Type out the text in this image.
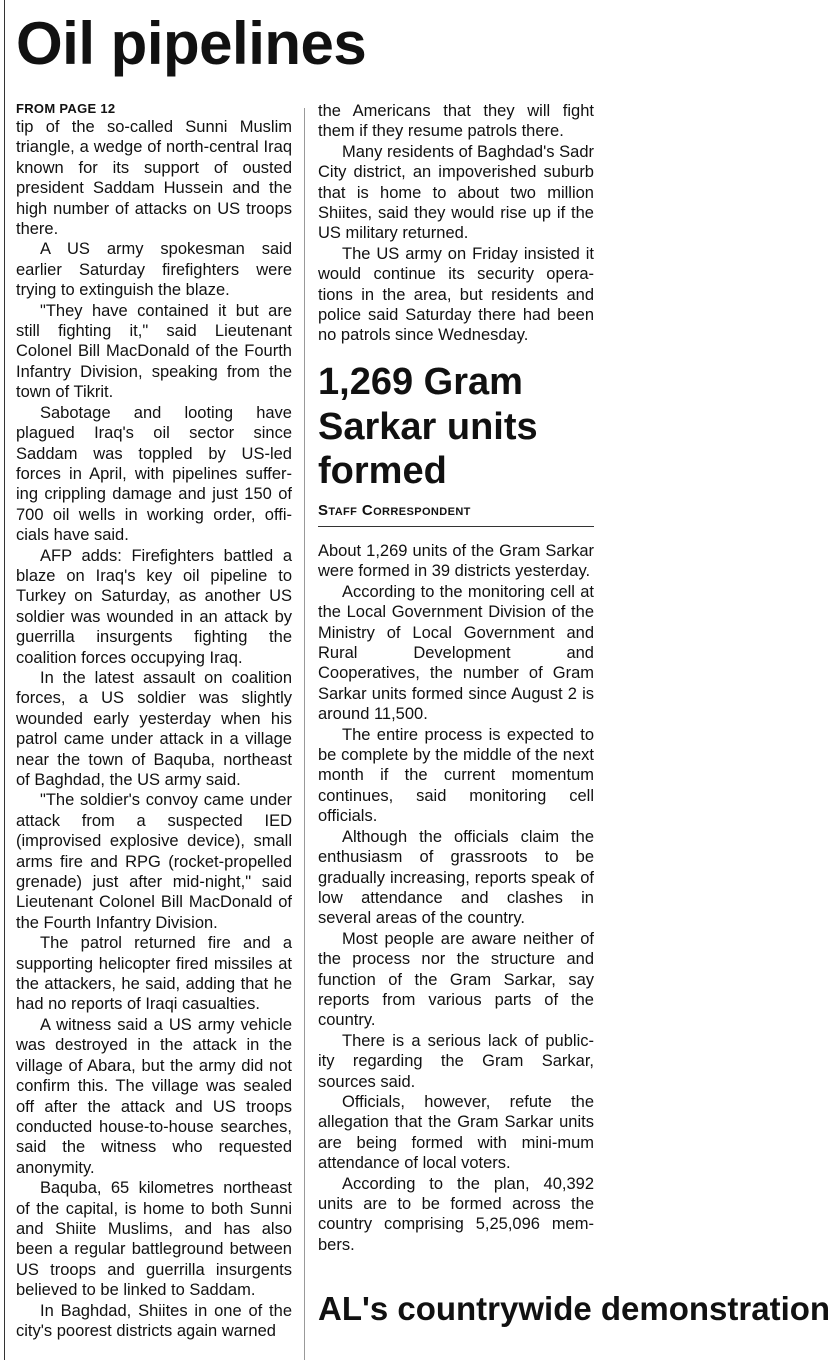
Oil pipelines
FROM PAGE 12

tip of the so-called Sunni Muslim triangle, a wedge of north-central Iraq known for its support of ousted president Saddam Hussein and the high number of attacks on US troops there.

A US army spokesman said earlier Saturday firefighters were trying to extinguish the blaze.

"They have contained it but are still fighting it," said Lieutenant Colonel Bill MacDonald of the Fourth Infantry Division, speaking from the town of Tikrit.

Sabotage and looting have plagued Iraq's oil sector since Saddam was toppled by US-led forces in April, with pipelines suffer-ing crippling damage and just 150 of 700 oil wells in working order, offi-cials have said.

AFP adds: Firefighters battled a blaze on Iraq's key oil pipeline to Turkey on Saturday, as another US soldier was wounded in an attack by guerrilla insurgents fighting the coalition forces occupying Iraq.

In the latest assault on coalition forces, a US soldier was slightly wounded early yesterday when his patrol came under attack in a village near the town of Baquba, northeast of Baghdad, the US army said.

"The soldier's convoy came under attack from a suspected IED (improvised explosive device), small arms fire and RPG (rocket-propelled grenade) just after mid-night," said Lieutenant Colonel Bill MacDonald of the Fourth Infantry Division.

The patrol returned fire and a supporting helicopter fired missiles at the attackers, he said, adding that he had no reports of Iraqi casualties.

A witness said a US army vehicle was destroyed in the attack in the village of Abara, but the army did not confirm this. The village was sealed off after the attack and US troops conducted house-to-house searches, said the witness who requested anonymity.

Baquba, 65 kilometres northeast of the capital, is home to both Sunni and Shiite Muslims, and has also been a regular battleground between US troops and guerrilla insurgents believed to be linked to Saddam.

In Baghdad, Shiites in one of the city's poorest districts again warned

the Americans that they will fight them if they resume patrols there.

Many residents of Baghdad's Sadr City district, an impoverished suburb that is home to about two million Shiites, said they would rise up if the US military returned.

The US army on Friday insisted it would continue its security opera-tions in the area, but residents and police said Saturday there had been no patrols since Wednesday.

1,269 Gram Sarkar units formed
Staff Correspondent

About 1,269 units of the Gram Sarkar were formed in 39 districts yesterday.

According to the monitoring cell at the Local Government Division of the Ministry of Local Government and Rural Development and Cooperatives, the number of Gram Sarkar units formed since August 2 is around 11,500.

The entire process is expected to be complete by the middle of the next month if the current momentum continues, said monitoring cell officials.

Although the officials claim the enthusiasm of grassroots to be gradually increasing, reports speak of low attendance and clashes in several areas of the country.

Most people are aware neither of the process nor the structure and function of the Gram Sarkar, say reports from various parts of the country.

There is a serious lack of public-ity regarding the Gram Sarkar, sources said.

Officials, however, refute the allegation that the Gram Sarkar units are being formed with mini-mum attendance of local voters.

According to the plan, 40,392 units are to be formed across the country comprising 5,25,096 mem-bers.

AL's countrywide demonstration
